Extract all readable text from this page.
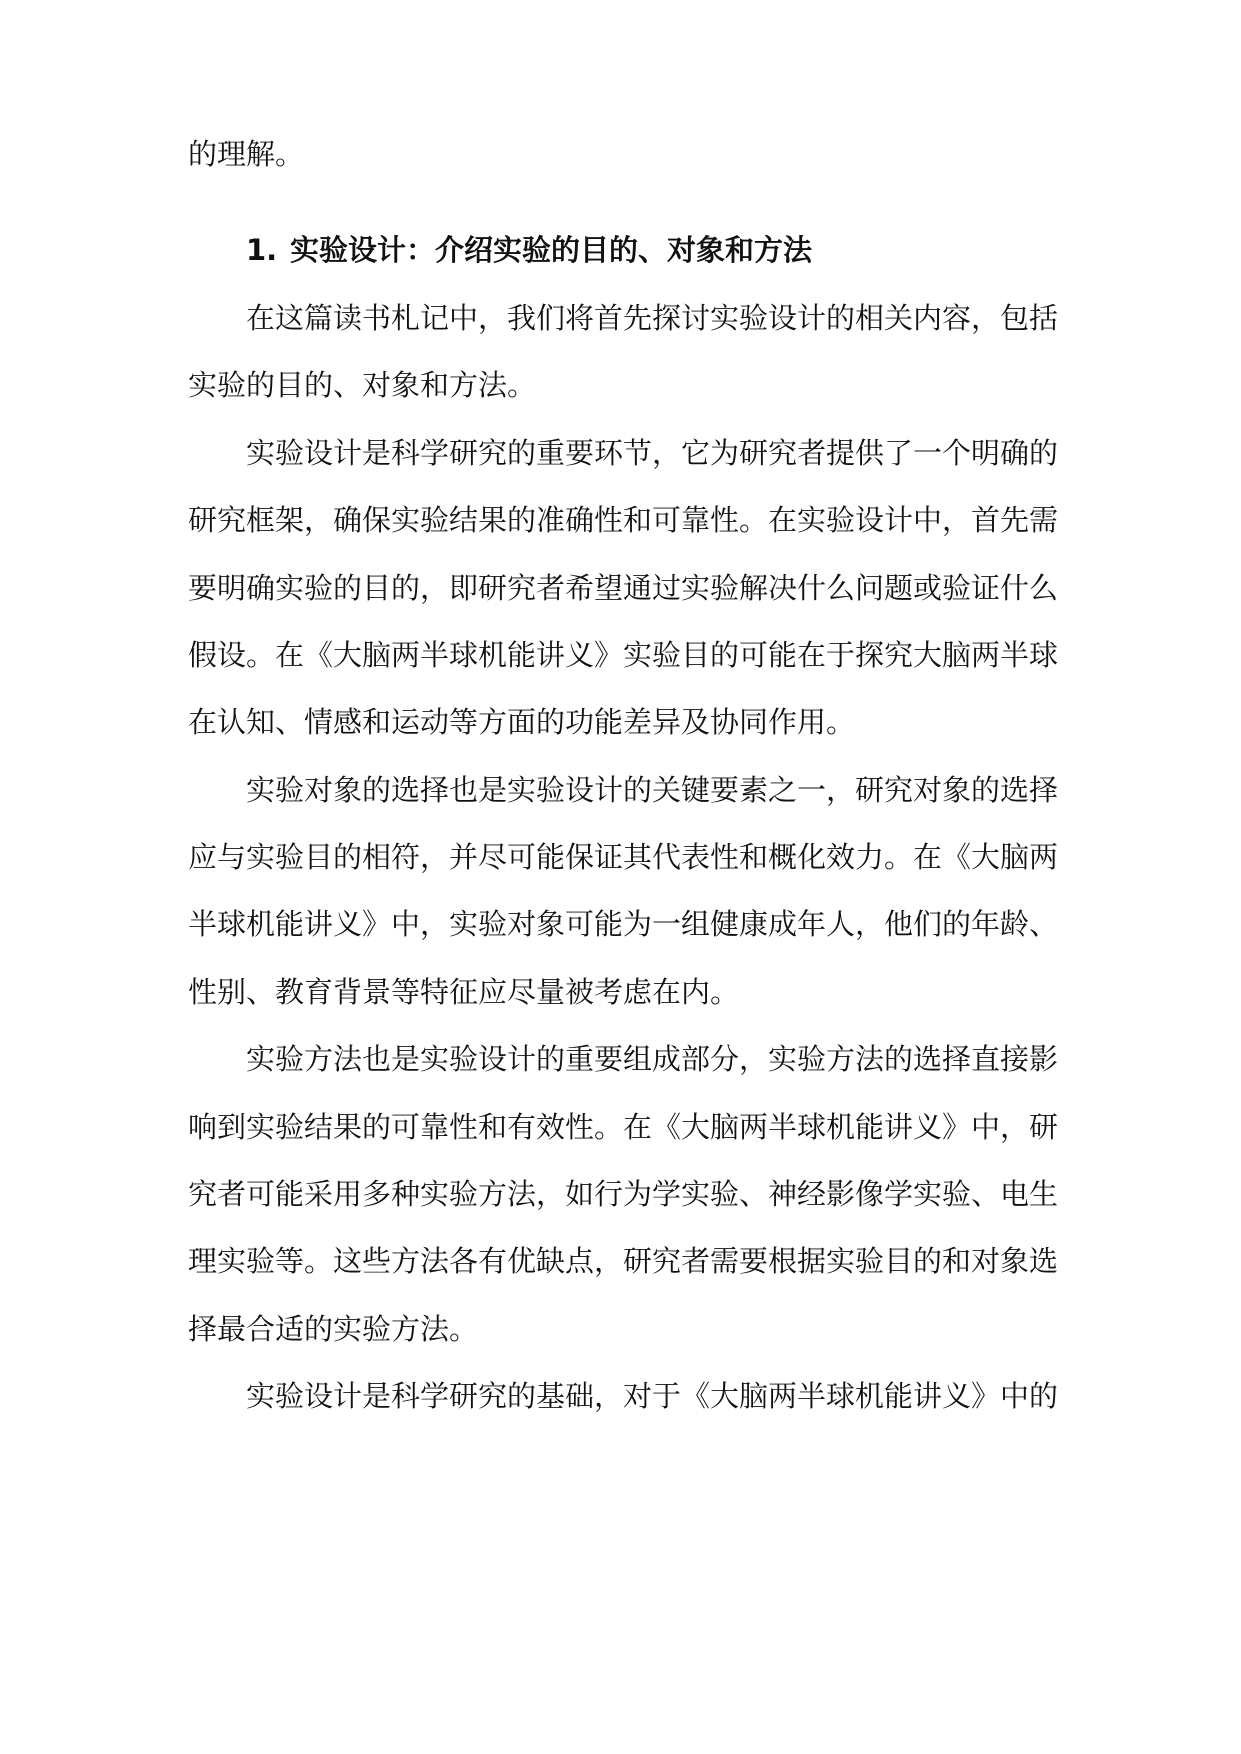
的理解。
1. 实验设计：介绍实验的目的、对象和方法
在这篇读书札记中，我们将首先探讨实验设计的相关内容，包括
实验的目的、对象和方法。
实验设计是科学研究的重要环节，它为研究者提供了一个明确的
研究框架，确保实验结果的准确性和可靠性。在实验设计中，首先需
要明确实验的目的，即研究者希望通过实验解决什么问题或验证什么
假设。在《大脑两半球机能讲义》实验目的可能在于探究大脑两半球
在认知、情感和运动等方面的功能差异及协同作用。
实验对象的选择也是实验设计的关键要素之一，研究对象的选择
应与实验目的相符，并尽可能保证其代表性和概化效力。在《大脑两
半球机能讲义》中，实验对象可能为一组健康成年人，他们的年龄、
性别、教育背景等特征应尽量被考虑在内。
实验方法也是实验设计的重要组成部分，实验方法的选择直接影
响到实验结果的可靠性和有效性。在《大脑两半球机能讲义》中，研
究者可能采用多种实验方法，如行为学实验、神经影像学实验、电生
理实验等。这些方法各有优缺点，研究者需要根据实验目的和对象选
择最合适的实验方法。
实验设计是科学研究的基础，对于《大脑两半球机能讲义》中的
